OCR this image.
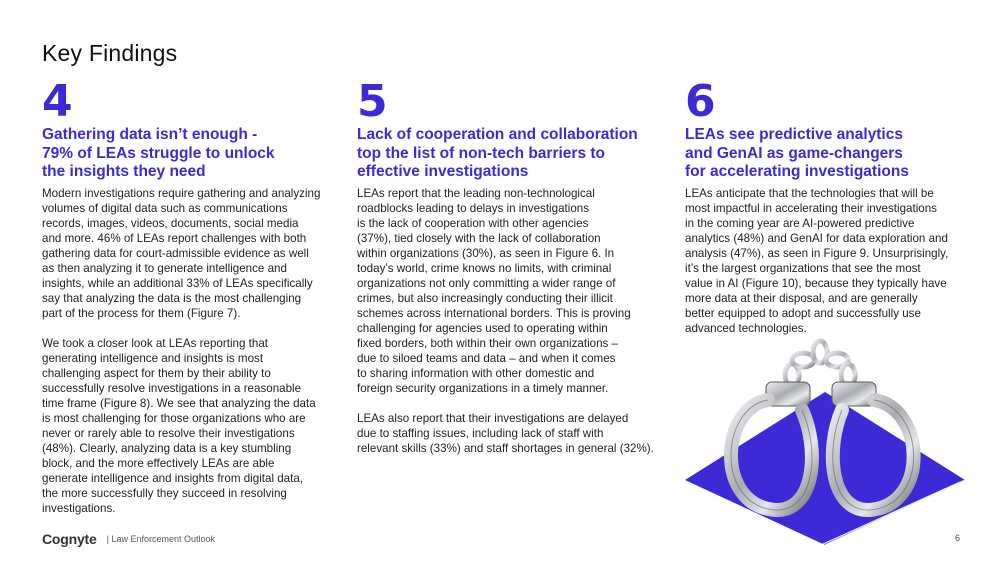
Key Findings
4
Gathering data isn’t enough -
79% of LEAs struggle to unlock
the insights they need
Modern investigations require gathering and analyzing
volumes of digital data such as communications
records, images, videos, documents, social media
and more. 46% of LEAs report challenges with both
gathering data for court-admissible evidence as well
as then analyzing it to generate intelligence and
insights, while an additional 33% of LEAs specifically
say that analyzing the data is the most challenging
part of the process for them (Figure 7).

We took a closer look at LEAs reporting that
generating intelligence and insights is most
challenging aspect for them by their ability to
successfully resolve investigations in a reasonable
time frame (Figure 8). We see that analyzing the data
is most challenging for those organizations who are
never or rarely able to resolve their investigations
(48%). Clearly, analyzing data is a key stumbling
block, and the more effectively LEAs are able
generate intelligence and insights from digital data,
the more successfully they succeed in resolving
investigations.
5
Lack of cooperation and collaboration
top the list of non-tech barriers to
effective investigations
LEAs report that the leading non-technological
roadblocks leading to delays in investigations
is the lack of cooperation with other agencies
(37%), tied closely with the lack of collaboration
within organizations (30%), as seen in Figure 6. In
today’s world, crime knows no limits, with criminal
organizations not only committing a wider range of
crimes, but also increasingly conducting their illicit
schemes across international borders. This is proving
challenging for agencies used to operating within
fixed borders, both within their own organizations –
due to siloed teams and data – and when it comes
to sharing information with other domestic and
foreign security organizations in a timely manner.

LEAs also report that their investigations are delayed
due to staffing issues, including lack of staff with
relevant skills (33%) and staff shortages in general (32%).
6
LEAs see predictive analytics
and GenAI as game-changers
for accelerating investigations
LEAs anticipate that the technologies that will be
most impactful in accelerating their investigations
in the coming year are AI-powered predictive
analytics (48%) and GenAI for data exploration and
analysis (47%), as seen in Figure 9. Unsurprisingly,
it’s the largest organizations that see the most
value in AI (Figure 10), because they typically have
more data at their disposal, and are generally
better equipped to adopt and successfully use
advanced technologies.
Cognyte | Law Enforcement Outlook	6
